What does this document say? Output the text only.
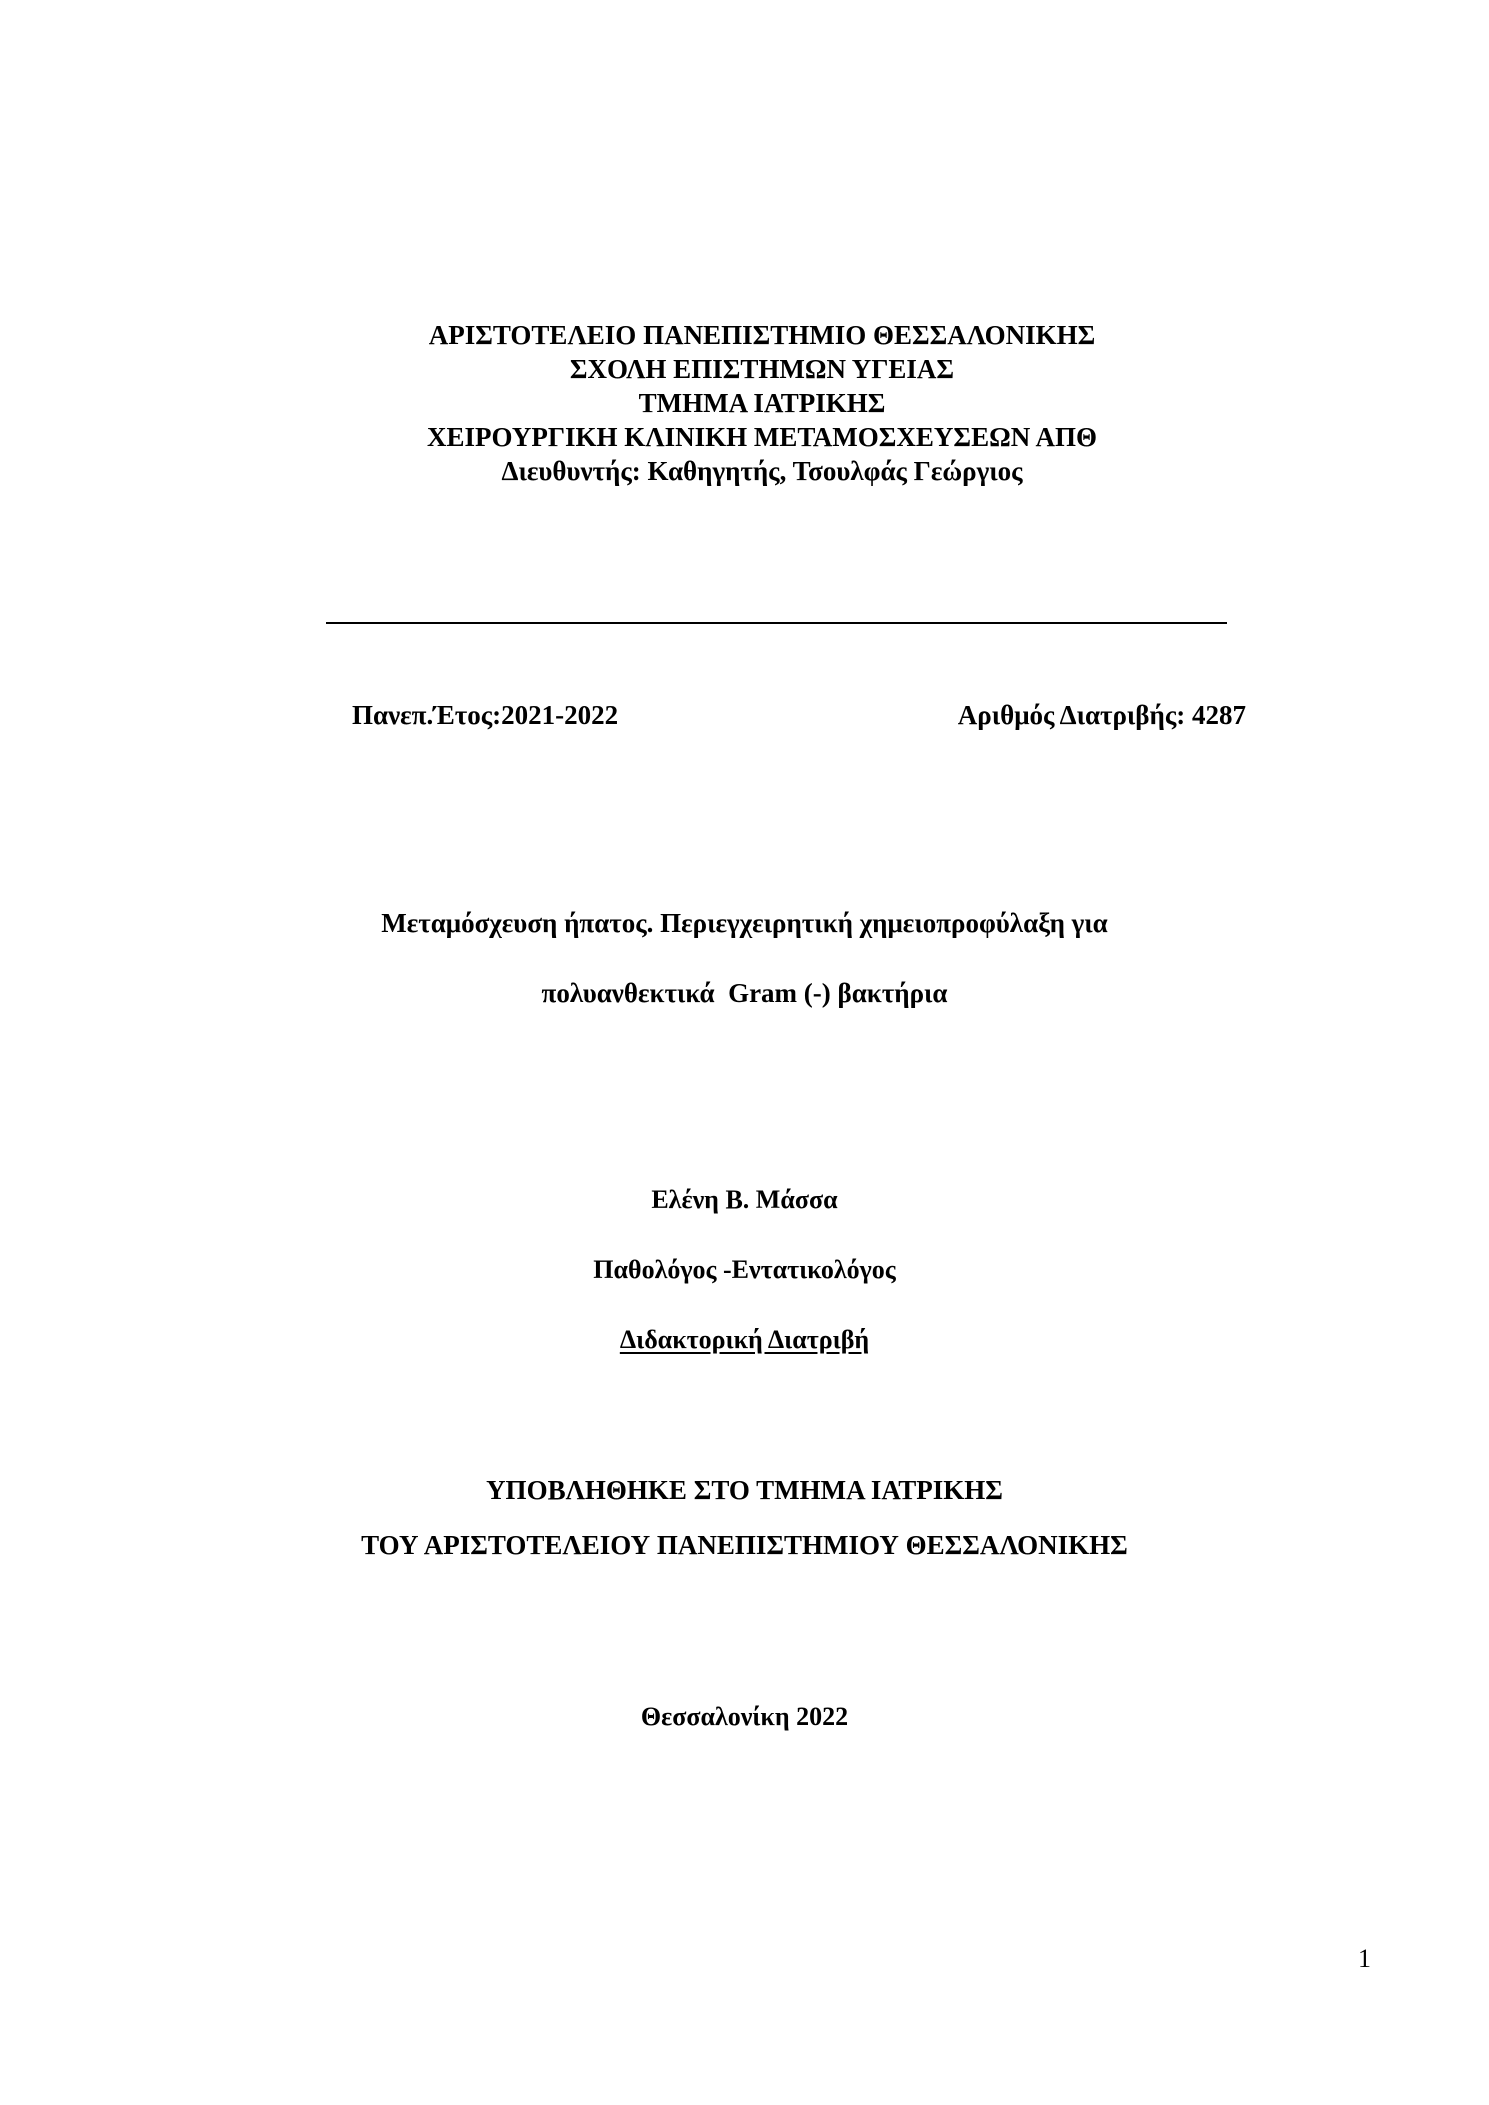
ΑΡΙΣΤΟΤΕΛΕΙΟ ΠΑΝΕΠΙΣΤΗΜΙΟ ΘΕΣΣΑΛΟΝΙΚΗΣ
ΣΧΟΛΗ ΕΠΙΣΤΗΜΩΝ ΥΓΕΙΑΣ
ΤΜΗΜΑ ΙΑΤΡΙΚΗΣ
ΧΕΙΡΟΥΡΓΙΚΗ ΚΛΙΝΙΚΗ ΜΕΤΑΜΟΣΧΕΥΣΕΩΝ ΑΠΘ
Διευθυντής: Καθηγητής, Τσουλφάς Γεώργιος
Πανεπ.Έτος:2021-2022	Αριθμός Διατριβής: 4287
Μεταμόσχευση ήπατος. Περιεγχειρητική χημειοπροφύλαξη για
πολυανθεκτικά  Gram (-) βακτήρια
Ελένη Β. Μάσσα
Παθολόγος -Εντατικολόγος
Διδακτορική Διατριβή
ΥΠΟΒΛΗΘΗΚΕ ΣΤΟ ΤΜΗΜΑ ΙΑΤΡΙΚΗΣ
ΤΟΥ ΑΡΙΣΤΟΤΕΛΕΙΟΥ ΠΑΝΕΠΙΣΤΗΜΙΟΥ ΘΕΣΣΑΛΟΝΙΚΗΣ
Θεσσαλονίκη 2022
1
